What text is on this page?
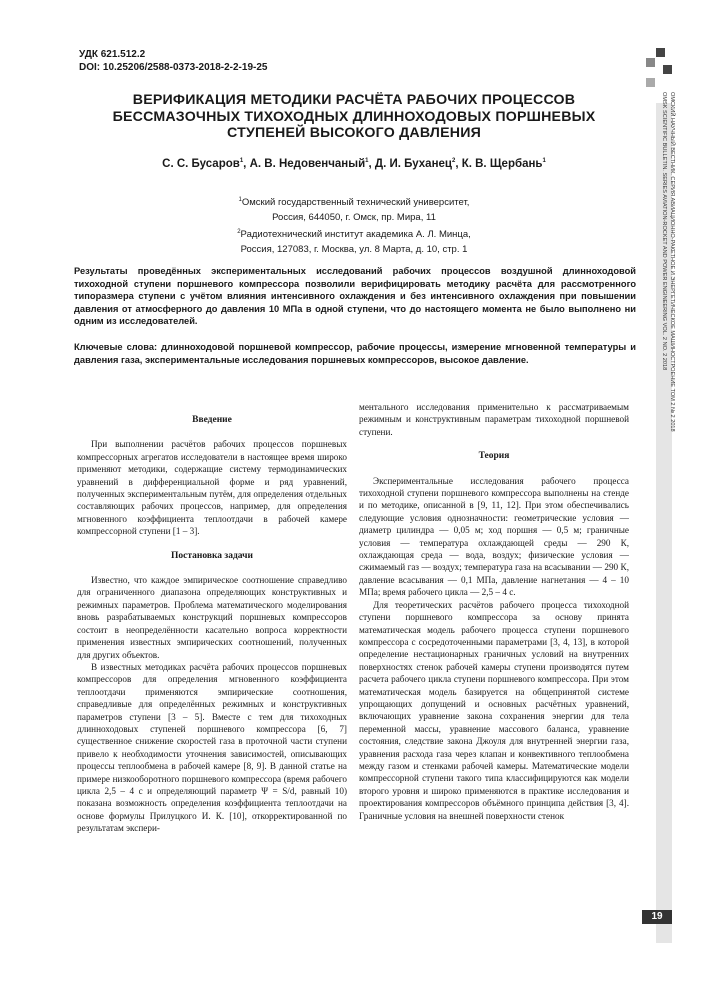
УДК 621.512.2
DOI: 10.25206/2588-0373-2018-2-2-19-25
ВЕРИФИКАЦИЯ МЕТОДИКИ РАСЧЁТА РАБОЧИХ ПРОЦЕССОВ БЕССМАЗОЧНЫХ ТИХОХОДНЫХ ДЛИННОХОДОВЫХ ПОРШНЕВЫХ СТУПЕНЕЙ ВЫСОКОГО ДАВЛЕНИЯ
С. С. Бусаров$^1$, А. В. Недовенчаный$^1$, Д. И. Буханец$^2$, К. В. Щербань$^1$
$^1$Омский государственный технический университет,
Россия, 644050, г. Омск, пр. Мира, 11
$^2$Радиотехнический институт академика А. Л. Минца,
Россия, 127083, г. Москва, ул. 8 Марта, д. 10, стр. 1
Результаты проведённых экспериментальных исследований рабочих процессов воздушной длинноходовой тихоходной ступени поршневого компрессора позволили верифицировать методику расчёта для рассмотренного типоразмера ступени с учётом влияния интенсивного охлаждения и без интенсивного охлаждения при повышении давления от атмосферного до давления 10 МПа в одной ступени, что до настоящего момента не было выполнено ни одним из исследователей.
Ключевые слова: длинноходовой поршневой компрессор, рабочие процессы, измерение мгновенной температуры и давления газа, экспериментальные исследования поршневых компрессоров, высокое давление.
Введение

При выполнении расчётов рабочих процессов поршневых компрессорных агрегатов исследователи в настоящее время широко применяют методики, содержащие систему термодинамических уравнений в дифференциальной форме и ряд уравнений, полученных экспериментальным путём, для определения отдельных составляющих рабочих процессов, например, для определения мгновенного коэффициента теплоотдачи в рабочей камере компрессорной ступени [1 – 3].

Постановка задачи

Известно, что каждое эмпирическое соотношение справедливо для ограниченного диапазона определяющих конструктивных и режимных параметров. Проблема математического моделирования вновь разрабатываемых конструкций поршневых компрессоров состоит в неопределённости касательно вопроса корректности применения известных эмпирических соотношений, полученных для других объектов.

В известных методиках расчёта рабочих процессов поршневых компрессоров для определения мгновенного коэффициента теплоотдачи применяются эмпирические соотношения, справедливые для определённых режимных и конструктивных параметров ступени [3 – 5]. Вместе с тем для тихоходных длинноходовых ступеней поршневого компрессора [6, 7] существенное снижение скоростей газа в проточной части ступени привело к необходимости уточнения зависимостей, описывающих процессы теплообмена в рабочей камере [8, 9]. В данной статье на примере низкооборотного поршневого компрессора (время рабочего цикла 2,5 – 4 с и определяющий параметр Ψ = S/d, равный 10) показана возможность определения коэффициента теплоотдачи на основе формулы Прилуцкого И. К. [10], откорректированной по результатам экспери-

ментального исследования применительно к рассматриваемым режимным и конструктивным параметрам тихоходной поршневой ступени.

Теория

Экспериментальные исследования рабочего процесса тихоходной ступени поршневого компрессора выполнены на стенде и по методике, описанной в [9, 11, 12]. При этом обеспечивались следующие условия однозначности: геометрические условия — диаметр цилиндра — 0,05 м; ход поршня — 0,5 м; граничные условия — температура охлаждающей среды — 290 К, охлаждающая среда — вода, воздух; физические условия — сжимаемый газ — воздух; температура газа на всасывании — 290 К, давление всасывания — 0,1 МПа, давление нагнетания — 4 – 10 МПа; время рабочего цикла — 2,5 – 4 с.

Для теоретических расчётов рабочего процесса тихоходной ступени поршневого компрессора за основу принята математическая модель рабочего процесса ступени поршневого компрессора с сосредоточенными параметрами [3, 4, 13], в которой определение нестационарных граничных условий на внутренних поверхностях стенок рабочей камеры ступени производятся путем расчета рабочего цикла ступени поршневого компрессора. При этом математическая модель базируется на общепринятой системе упрощающих допущений и основных расчётных уравнений, включающих уравнение закона сохранения энергии для тела переменной массы, уравнение массового баланса, уравнение состояния, следствие закона Джоуля для внутренней энергии газа, уравнения расхода газа через клапан и конвективного теплообмена между газом и стенками рабочей камеры. Математические модели компрессорной ступени такого типа классифицируются как модели второго уровня и широко применяются в практике исследования и проектирования компрессоров объёмного принципа действия [3, 4]. Граничные условия на внешней поверхности стенок

ОМСКИЙ НАУЧНЫЙ ВЕСТНИК. СЕРИЯ АВИАЦИОННО-РАКЕТНОЕ И ЭНЕРГЕТИЧЕСКОЕ МАШИНОСТРОЕНИЕ ТОМ 2 № 2 2018
OMSK SCIENTIFIC BULLETIN. SERIES AVIATION-ROCKET AND POWER ENGINEERING VOL. 2 NO. 2 2018
19
